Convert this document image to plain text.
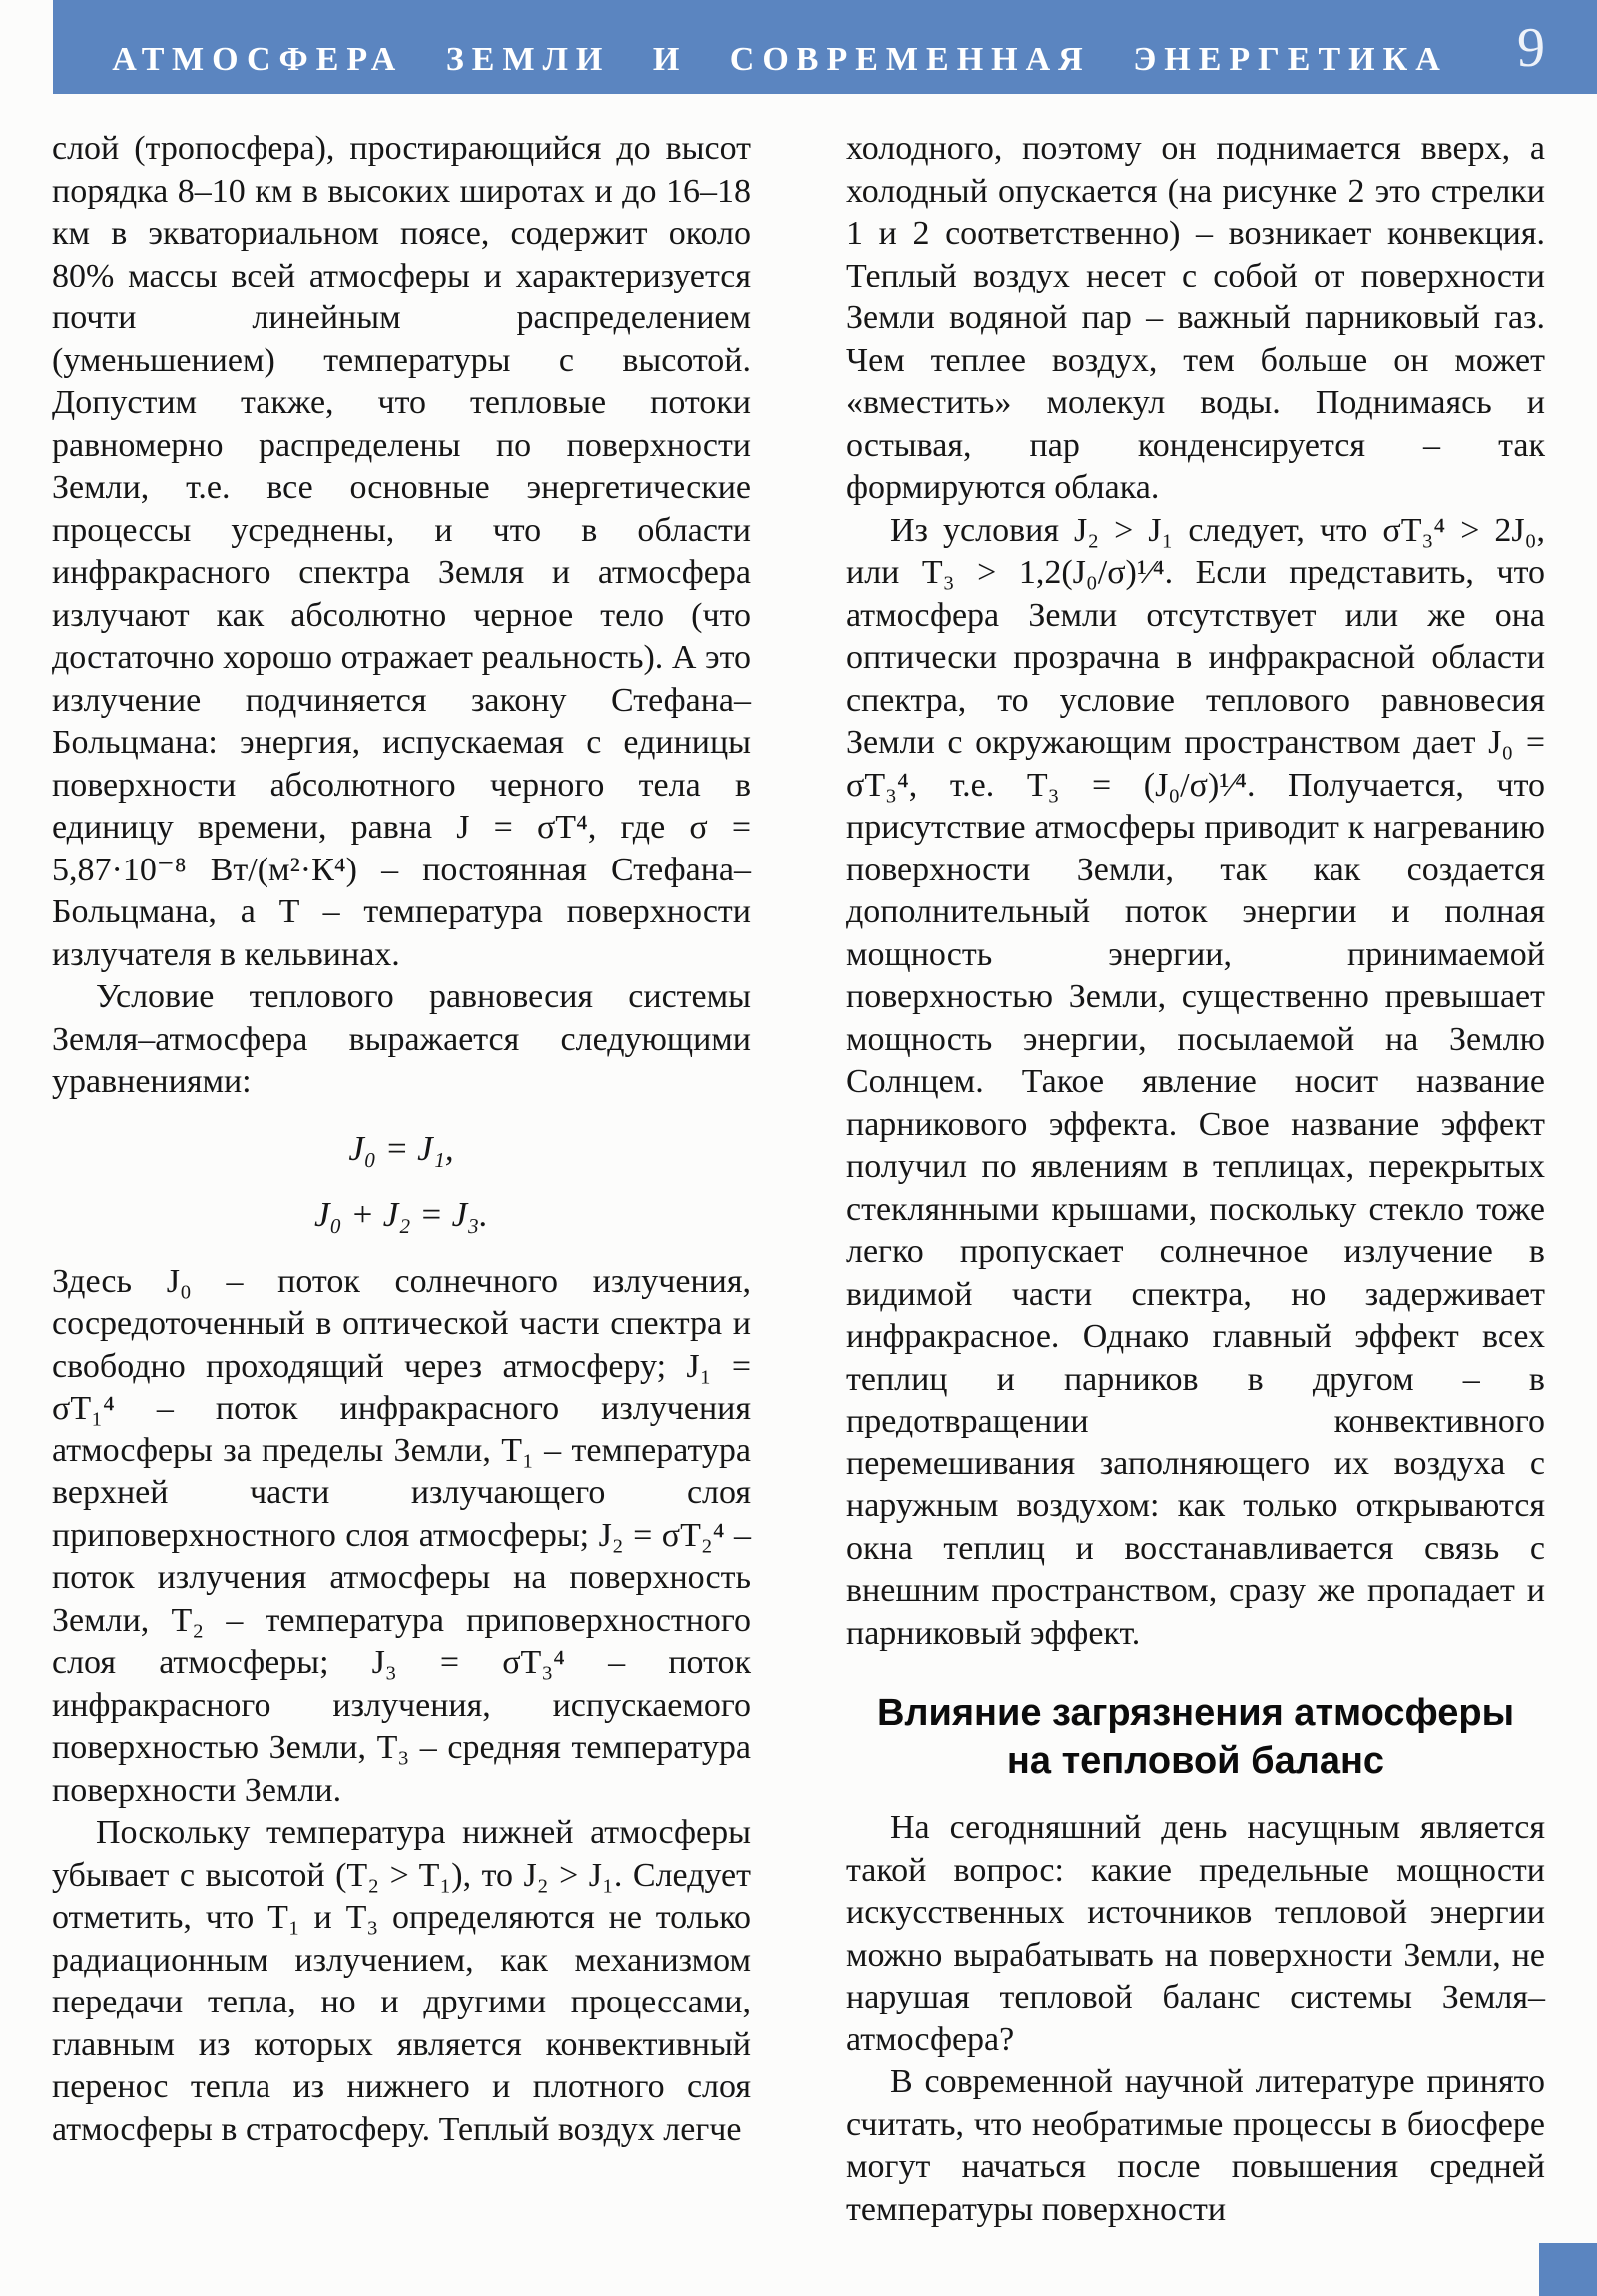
АТМОСФЕРА ЗЕМЛИ И СОВРЕМЕННАЯ ЭНЕРГЕТИКА	9

слой (тропосфера), простирающийся до высот порядка 8–10 км в высоких широтах и до 16–18 км в экваториальном поясе, содержит около 80% массы всей атмосферы и характеризуется почти линейным распределением (уменьшением) температуры с высотой. Допустим также, что тепловые потоки равномерно распределены по поверхности Земли, т.е. все основные энергетические процессы усреднены, и что в области инфракрасного спектра Земля и атмосфера излучают как абсолютно черное тело (что достаточно хорошо отражает реальность). А это излучение подчиняется закону Стефана–Больцмана: энергия, испускаемая с единицы поверхности абсолютного черного тела в единицу времени, равна J = σT⁴, где σ = 5,87·10⁻⁸ Вт/(м²·К⁴) – постоянная Стефана–Больцмана, а T – температура поверхности излучателя в кельвинах.

Условие теплового равновесия системы Земля–атмосфера выражается следующими уравнениями:

J₀ = J₁,
J₀ + J₂ = J₃.

Здесь J₀ – поток солнечного излучения, сосредоточенный в оптической части спектра и свободно проходящий через атмосферу; J₁ = σT₁⁴ – поток инфракрасного излучения атмосферы за пределы Земли, T₁ – температура верхней части излучающего слоя приповерхностного слоя атмосферы; J₂ = σT₂⁴ – поток излучения атмосферы на поверхность Земли, T₂ – температура приповерхностного слоя атмосферы; J₃ = σT₃⁴ – поток инфракрасного излучения, испускаемого поверхностью Земли, T₃ – средняя температура поверхности Земли.

Поскольку температура нижней атмосферы убывает с высотой (T₂ > T₁), то J₂ > J₁. Следует отметить, что T₁ и T₃ определяются не только радиационным излучением, как механизмом передачи тепла, но и другими процессами, главным из которых является конвективный перенос тепла из нижнего и плотного слоя атмосферы в стратосферу. Теплый воздух легче

холодного, поэтому он поднимается вверх, а холодный опускается (на рисунке 2 это стрелки 1 и 2 соответственно) – возникает конвекция. Теплый воздух несет с собой от поверхности Земли водяной пар – важный парниковый газ. Чем теплее воздух, тем больше он может «вместить» молекул воды. Поднимаясь и остывая, пар конденсируется – так формируются облака.

Из условия J₂ > J₁ следует, что σT₃⁴ > 2J₀, или T₃ > 1,2(J₀/σ)¹⁄⁴. Если представить, что атмосфера Земли отсутствует или же она оптически прозрачна в инфракрасной области спектра, то условие теплового равновесия Земли с окружающим пространством дает J₀ = σT₃⁴, т.е. T₃ = (J₀/σ)¹⁄⁴. Получается, что присутствие атмосферы приводит к нагреванию поверхности Земли, так как создается дополнительный поток энергии и полная мощность энергии, принимаемой поверхностью Земли, существенно превышает мощность энергии, посылаемой на Землю Солнцем. Такое явление носит название парникового эффекта. Свое название эффект получил по явлениям в теплицах, перекрытых стеклянными крышами, поскольку стекло тоже легко пропускает солнечное излучение в видимой части спектра, но задерживает инфракрасное. Однако главный эффект всех теплиц и парников в другом – в предотвращении конвективного перемешивания заполняющего их воздуха с наружным воздухом: как только открываются окна теплиц и восстанавливается связь с внешним пространством, сразу же пропадает и парниковый эффект.

Влияние загрязнения атмосферы
на тепловой баланс

На сегодняшний день насущным является такой вопрос: какие предельные мощности искусственных источников тепловой энергии можно вырабатывать на поверхности Земли, не нарушая тепловой баланс системы Земля–атмосфера?

В современной научной литературе принято считать, что необратимые процессы в биосфере могут начаться после повышения средней температуры поверхности
